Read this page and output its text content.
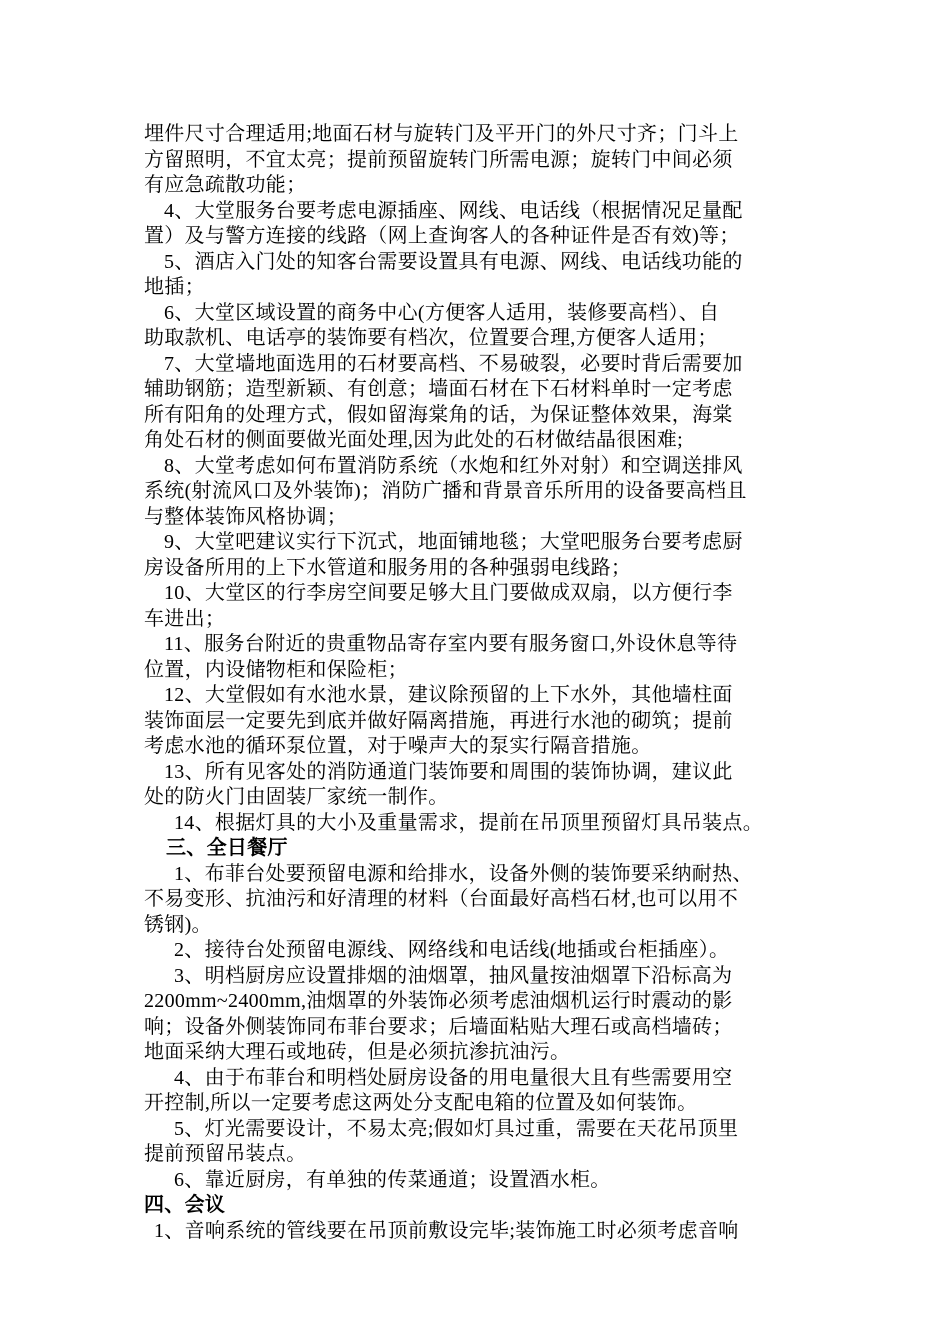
埋件尺寸合理适用;地面石材与旋转门及平开门的外尺寸齐；门斗上
方留照明，不宜太亮；提前预留旋转门所需电源；旋转门中间必须
有应急疏散功能；
4、大堂服务台要考虑电源插座、网线、电话线（根据情况足量配
置）及与警方连接的线路（网上查询客人的各种证件是否有效)等；
5、酒店入门处的知客台需要设置具有电源、网线、电话线功能的
地插；
6、大堂区域设置的商务中心(方便客人适用，装修要高档）、自
助取款机、电话亭的装饰要有档次，位置要合理,方便客人适用；
7、大堂墙地面选用的石材要高档、不易破裂，必要时背后需要加
辅助钢筋；造型新颖、有创意；墙面石材在下石材料单时一定考虑
所有阳角的处理方式，假如留海棠角的话，为保证整体效果，海棠
角处石材的侧面要做光面处理,因为此处的石材做结晶很困难;
8、大堂考虑如何布置消防系统（水炮和红外对射）和空调送排风
系统(射流风口及外装饰)；消防广播和背景音乐所用的设备要高档且
与整体装饰风格协调；
9、大堂吧建议实行下沉式，地面铺地毯；大堂吧服务台要考虑厨
房设备所用的上下水管道和服务用的各种强弱电线路；
10、大堂区的行李房空间要足够大且门要做成双扇，以方便行李
车进出；
11、服务台附近的贵重物品寄存室内要有服务窗口,外设休息等待
位置，内设储物柜和保险柜；
12、大堂假如有水池水景，建议除预留的上下水外，其他墙柱面
装饰面层一定要先到底并做好隔离措施，再进行水池的砌筑；提前
考虑水池的循环泵位置，对于噪声大的泵实行隔音措施。
13、所有见客处的消防通道门装饰要和周围的装饰协调，建议此
处的防火门由固装厂家统一制作。
14、根据灯具的大小及重量需求，提前在吊顶里预留灯具吊装点。
三、全日餐厅
1、布菲台处要预留电源和给排水，设备外侧的装饰要采纳耐热、
不易变形、抗油污和好清理的材料（台面最好高档石材,也可以用不
锈钢)。
2、接待台处预留电源线、网络线和电话线(地插或台柜插座）。
3、明档厨房应设置排烟的油烟罩，抽风量按油烟罩下沿标高为
2200mm~2400mm,油烟罩的外装饰必须考虑油烟机运行时震动的影
响；设备外侧装饰同布菲台要求；后墙面粘贴大理石或高档墙砖；
地面采纳大理石或地砖，但是必须抗渗抗油污。
4、由于布菲台和明档处厨房设备的用电量很大且有些需要用空
开控制,所以一定要考虑这两处分支配电箱的位置及如何装饰。
5、灯光需要设计，不易太亮;假如灯具过重，需要在天花吊顶里
提前预留吊装点。
6、靠近厨房，有单独的传菜通道；设置酒水柜。
四、会议
1、音响系统的管线要在吊顶前敷设完毕;装饰施工时必须考虑音响
